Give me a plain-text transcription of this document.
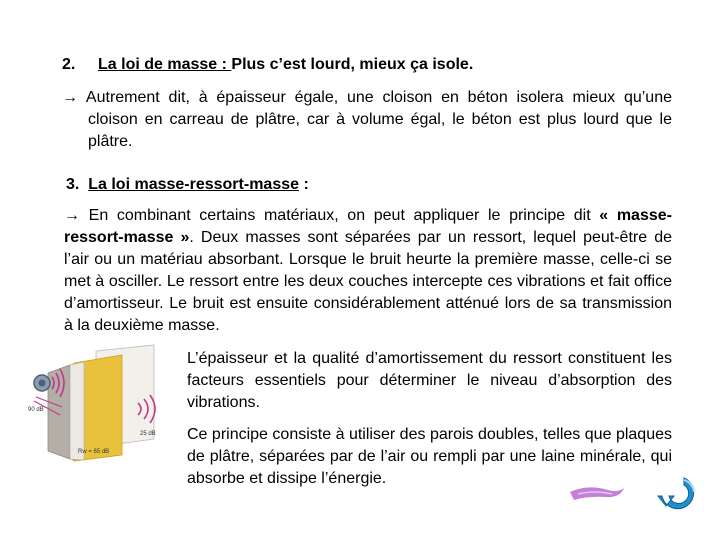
2. La loi de masse : Plus c’est lourd, mieux ça isole.
→ Autrement dit, à épaisseur égale, une cloison en béton isolera mieux qu’une cloison en carreau de plâtre, car à volume égal, le béton est plus lourd que le plâtre.
3. La loi masse-ressort-masse :
→ En combinant certains matériaux, on peut appliquer le principe dit « masse-ressort-masse ». Deux masses sont séparées par un ressort, lequel peut-être de l’air ou un matériau absorbant. Lorsque le bruit heurte la première masse, celle-ci se met à osciller. Le ressort entre les deux couches intercepte ces vibrations et fait office d’amortisseur. Le bruit est ensuite considérablement atténué lors de sa transmission à la deuxième masse.
90 dB
25 dB
Rw = 65 dB
L’épaisseur et la qualité d’amortissement du ressort constituent les facteurs essentiels pour déterminer le niveau d’absorption des vibrations.
Ce principe consiste à utiliser des parois doubles, telles que plaques de plâtre, séparées par de l’air ou rempli par une laine minérale, qui absorbe et dissipe l’énergie.
